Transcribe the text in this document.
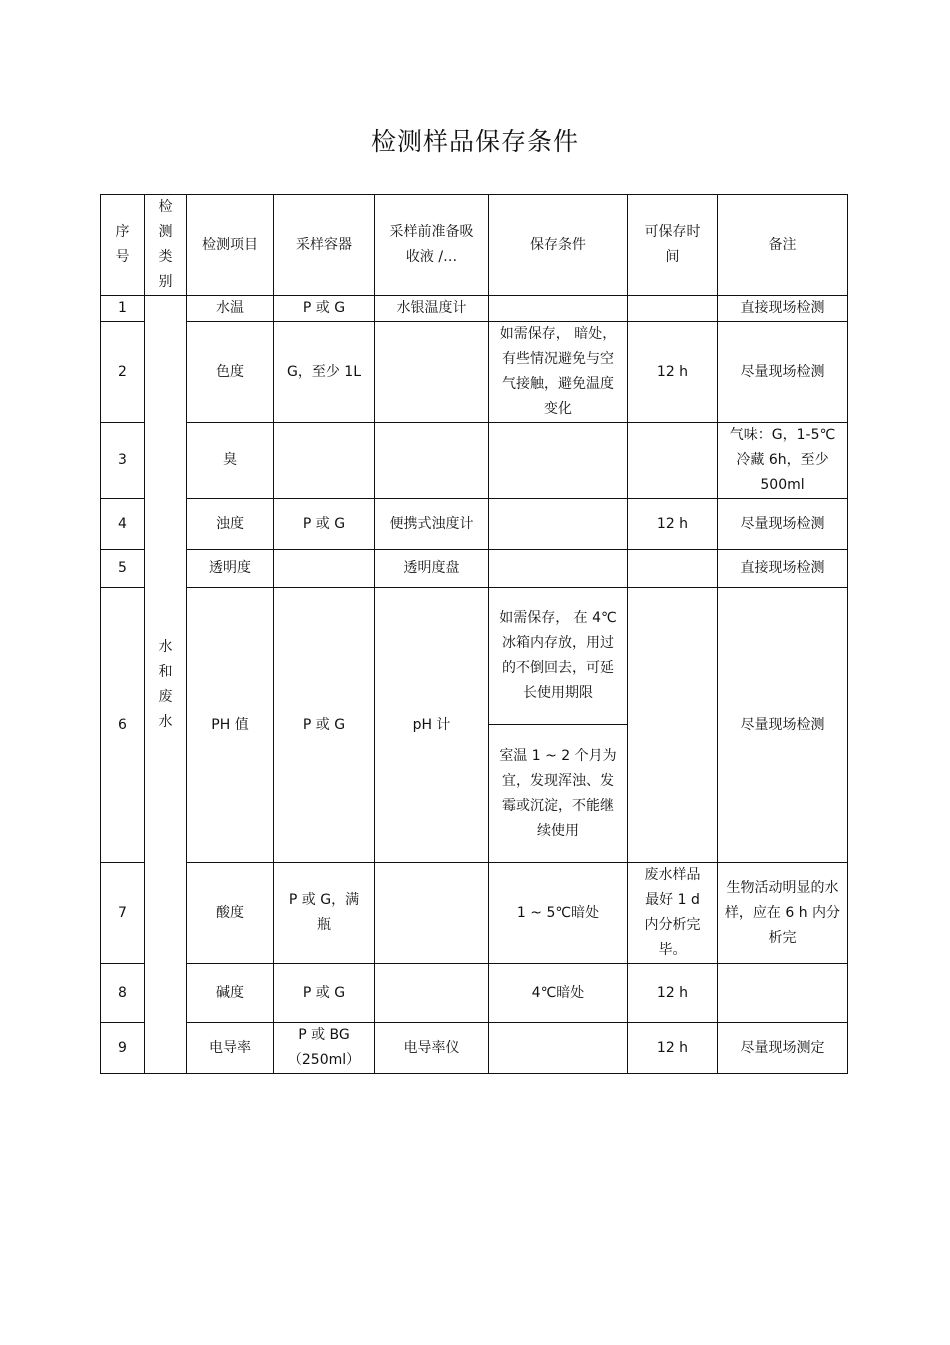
检测样品保存条件
序号	检测类别	检测项目	采样容器	采样前准备吸收液 /…	保存条件	可保存时间	备注
1	水和废水	水温	P 或 G	水银温度计			直接现场检测
2		色度	G，至少 1L		如需保存， 暗处，有些情况避免与空气接触，避免温度变化	12 h	尽量现场检测
3		臭					气味：G，1-5℃冷藏 6h，至少500ml
4		浊度	P 或 G	便携式浊度计		12 h	尽量现场检测
5		透明度		透明度盘			直接现场检测
6		PH 值	P 或 G	pH 计	如需保存， 在 4℃冰箱内存放，用过的不倒回去，可延长使用期限		尽量现场检测
					室温 1 ~ 2 个月为宜，发现浑浊、发霉或沉淀，不能继续使用		
7		酸度	P 或 G，满瓶		1 ~ 5℃暗处	废水样品最好 1 d 内分析完毕。	生物活动明显的水样，应在 6 h 内分析完
8		碱度	P 或 G		4℃暗处	12 h	
9		电导率	P 或 BG（250ml）	电导率仪		12 h	尽量现场测定
